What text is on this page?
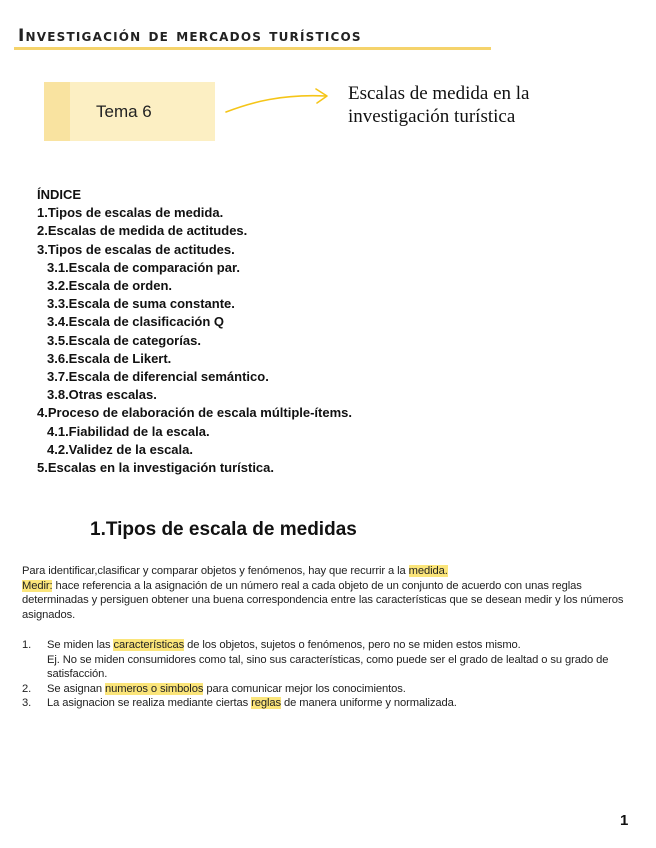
Investigación de mercados turísticos
Tema 6
Escalas de medida en la
investigación turística
ÍNDICE
1.Tipos de escalas de medida.
2.Escalas de medida de actitudes.
3.Tipos de escalas de actitudes.
3.1.Escala de comparación par.
3.2.Escala de orden.
3.3.Escala de suma constante.
3.4.Escala de clasificación Q
3.5.Escala de categorías.
3.6.Escala de Likert.
3.7.Escala de diferencial semántico.
3.8.Otras escalas.
4.Proceso de elaboración de escala múltiple-ítems.
4.1.Fiabilidad de la escala.
4.2.Validez de la escala.
5.Escalas en la investigación turística.
1.Tipos de escala de medidas
Para identificar,clasificar y comparar objetos y fenómenos, hay que recurrir a la medida.
Medir: hace referencia a la asignación de un número real a cada objeto de un conjunto de acuerdo con unas reglas determinadas y persiguen obtener una buena correspondencia entre las características que se desean medir y los números asignados.
1.	Se miden las características de los objetos, sujetos o fenómenos, pero no se miden estos mismo.
Ej. No se miden consumidores como tal, sino sus características, como puede ser el grado de lealtad o su grado de satisfacción.
2.	Se asignan numeros o simbolos para comunicar mejor los conocimientos.
3.	La asignacion se realiza mediante ciertas reglas de manera uniforme y normalizada.
1
